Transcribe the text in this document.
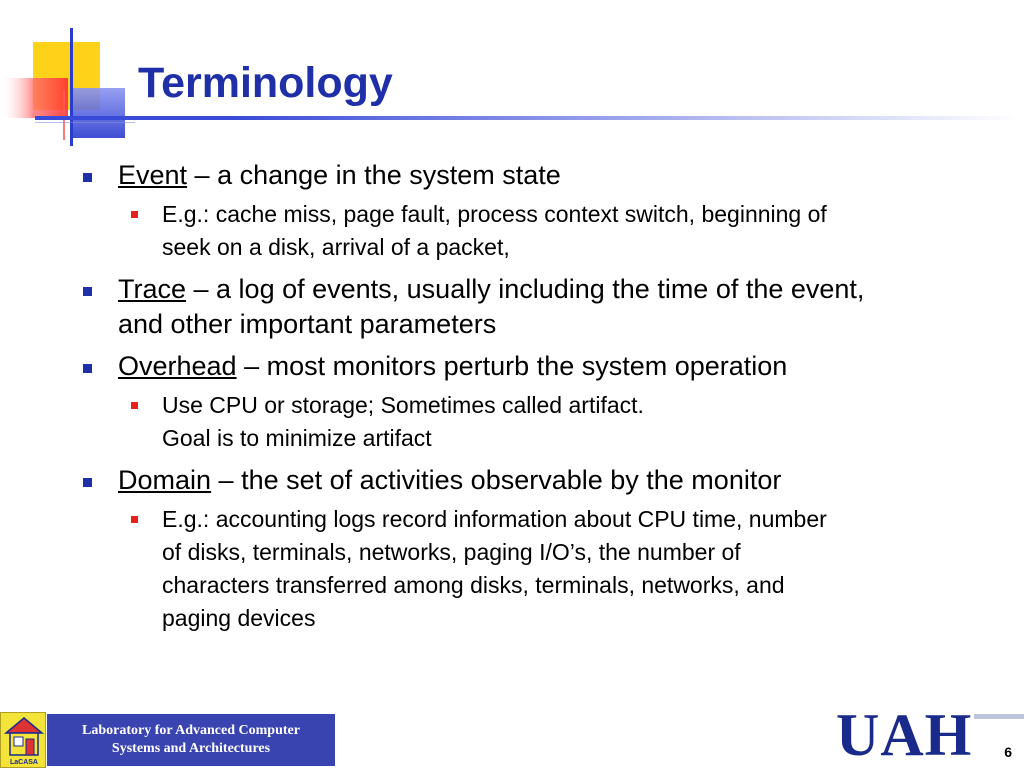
Terminology
Event – a change in the system state
E.g.: cache miss, page fault, process context switch, beginning of
seek on a disk, arrival of a packet,
Trace – a log of events, usually including the time of the event,
and other important parameters
Overhead – most monitors perturb the system operation
Use CPU or storage; Sometimes called artifact.
Goal is to minimize artifact
Domain – the set of activities observable by the monitor
E.g.: accounting logs record information about CPU time, number
of disks, terminals, networks, paging I/O’s, the number of
characters transferred among disks, terminals, networks, and
paging devices
LaCASA
Laboratory for Advanced Computer
Systems and Architectures	UAH 6
